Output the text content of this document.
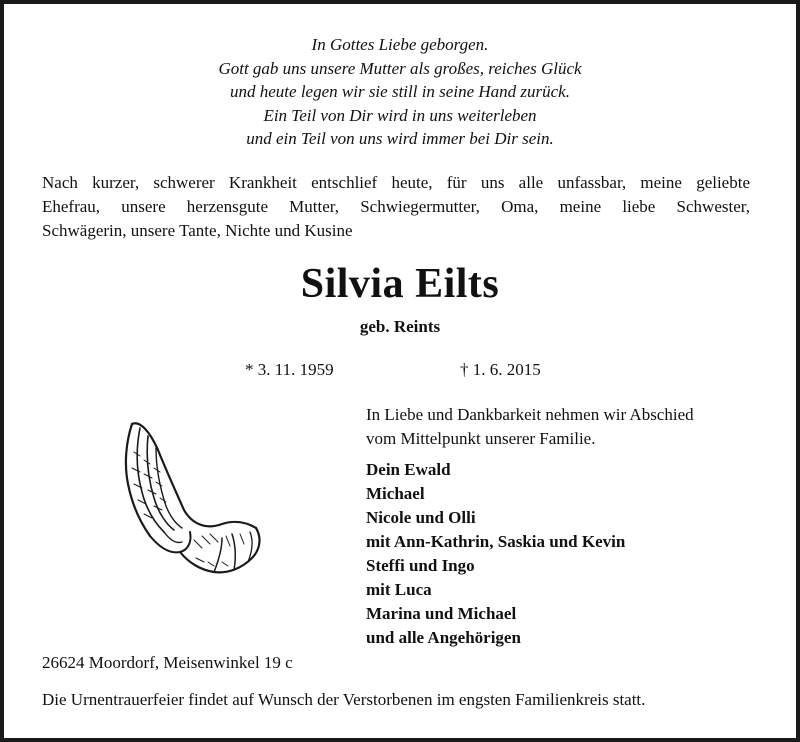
In Gottes Liebe geborgen.
Gott gab uns unsere Mutter als großes, reiches Glück
und heute legen wir sie still in seine Hand zurück.
Ein Teil von Dir wird in uns weiterleben
und ein Teil von uns wird immer bei Dir sein.
Nach kurzer, schwerer Krankheit entschlief heute, für uns alle unfassbar, meine geliebte
Ehefrau, unsere herzensgute Mutter, Schwiegermutter, Oma, meine liebe Schwester,
Schwägerin, unsere Tante, Nichte und Kusine
Silvia Eilts
geb. Reints
* 3. 11. 1959	† 1. 6. 2015
In Liebe und Dankbarkeit nehmen wir Abschied
vom Mittelpunkt unserer Familie.
Dein Ewald
Michael
Nicole und Olli
mit Ann-Kathrin, Saskia und Kevin
Steffi und Ingo
mit Luca
Marina und Michael
und alle Angehörigen
26624 Moordorf, Meisenwinkel 19 c
Die Urnentrauerfeier findet auf Wunsch der Verstorbenen im engsten Familienkreis statt.
